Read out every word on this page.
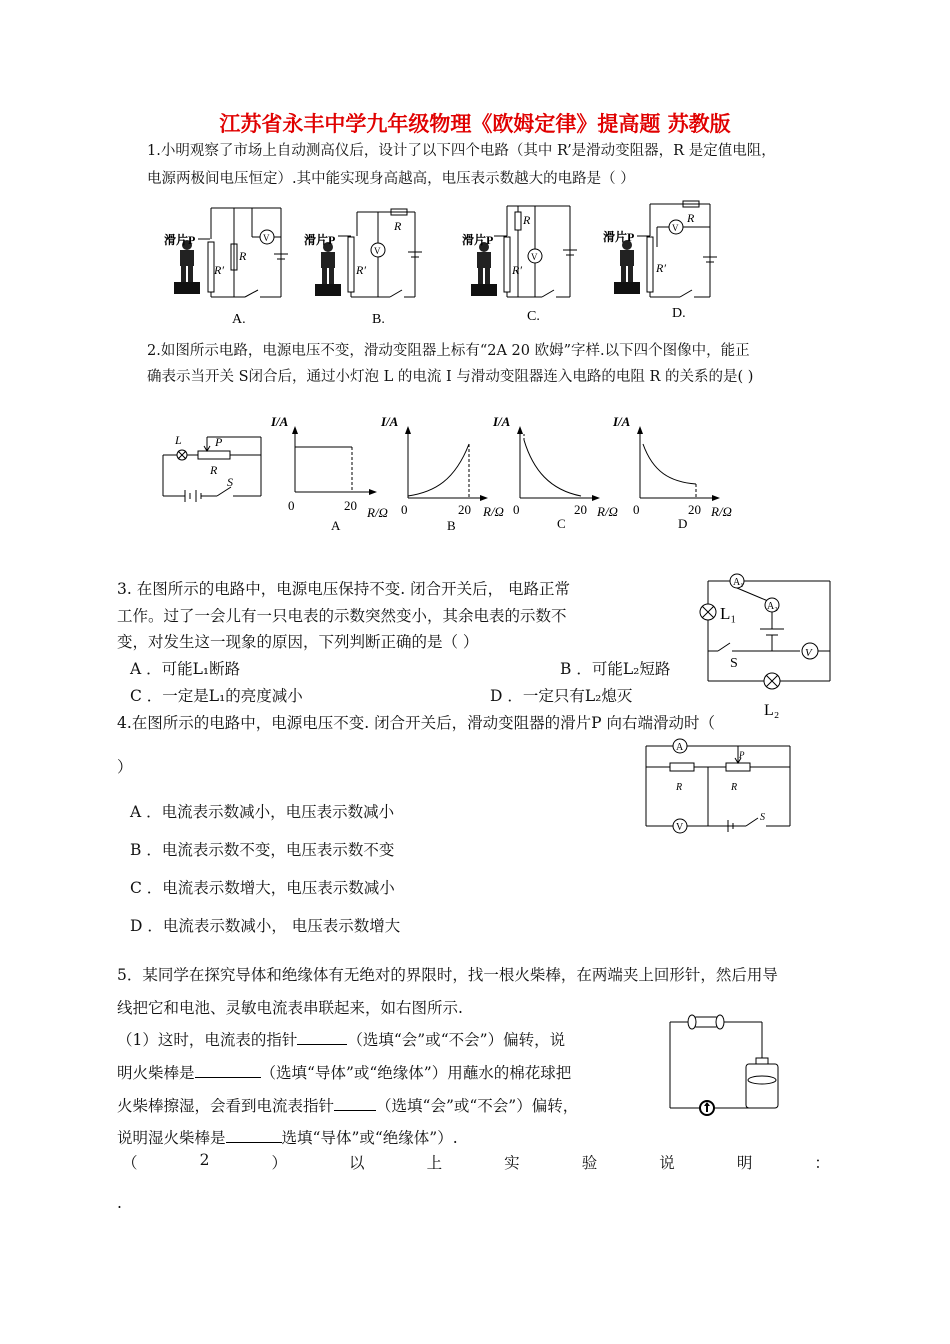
江苏省永丰中学九年级物理《欧姆定律》提高题 苏教版
1.小明观察了市场上自动测高仪后，设计了以下四个电路（其中 R’是滑动变阻器，R 是定值电阻，
电源两极间电压恒定）.其中能实现身高越高，电压表示数越大的电路是（ ）
滑片P
R′
R
V	滑片P
R′
R
V
滑片P
R′
R
V
滑片P
R′
R
V
A.	B.	C.	D.
2.如图所示电路，电源电压不变，滑动变阻器上标有“2A 20 欧姆”字样.以下四个图像中，能正
确表示当开关 S闭合后，通过小灯泡 L 的电流 I 与滑动变阻器连入电路的电阻 R 的关系的是( )
L	P
R
S
I/A
0	20 R/Ω
A
I/A
0	20 R/Ω
B
I/A
0	20 R/Ω
C
I/A
0	20 R/Ω
D
3. 在图所示的电路中，电源电压保持不变. 闭合开关后， 电路正常
工作。过了一会儿有一只电表的示数突然变小，其余电表的示数不
变，对发生这一现象的原因，下列判断正确的是（ ）
A ．可能L₁断路	B ．可能L₂短路
C ．一定是L₁的亮度减小	D ．一定只有L₂熄灭
A₁
A₂
L₁
S
V
L₂
4.在图所示的电路中，电源电压不变. 闭合开关后，滑动变阻器的滑片P 向右端滑动时（
）
A ．电流表示数减小，电压表示数减小
B ．电流表示数不变，电压表示数不变
C ．电流表示数增大，电压表示数减小
D ．电流表示数减小， 电压表示数增大
A
P
R	R
V
S
5．某同学在探究导体和绝缘体有无绝对的界限时，找一根火柴棒，在两端夹上回形针，然后用导
线把它和电池、灵敏电流表串联起来，如右图所示.
（1）这时，电流表的指针	（选填“会”或“不会”）偏转，说
明火柴棒是	（选填“导体”或“绝缘体”）用蘸水的棉花球把
火柴棒擦湿，会看到电流表指针	（选填“会”或“不会”）偏转，
说明湿火柴棒是	选填“导体”或“绝缘体”）.
（	2	）	以	上	实	验	说	明	：
.
